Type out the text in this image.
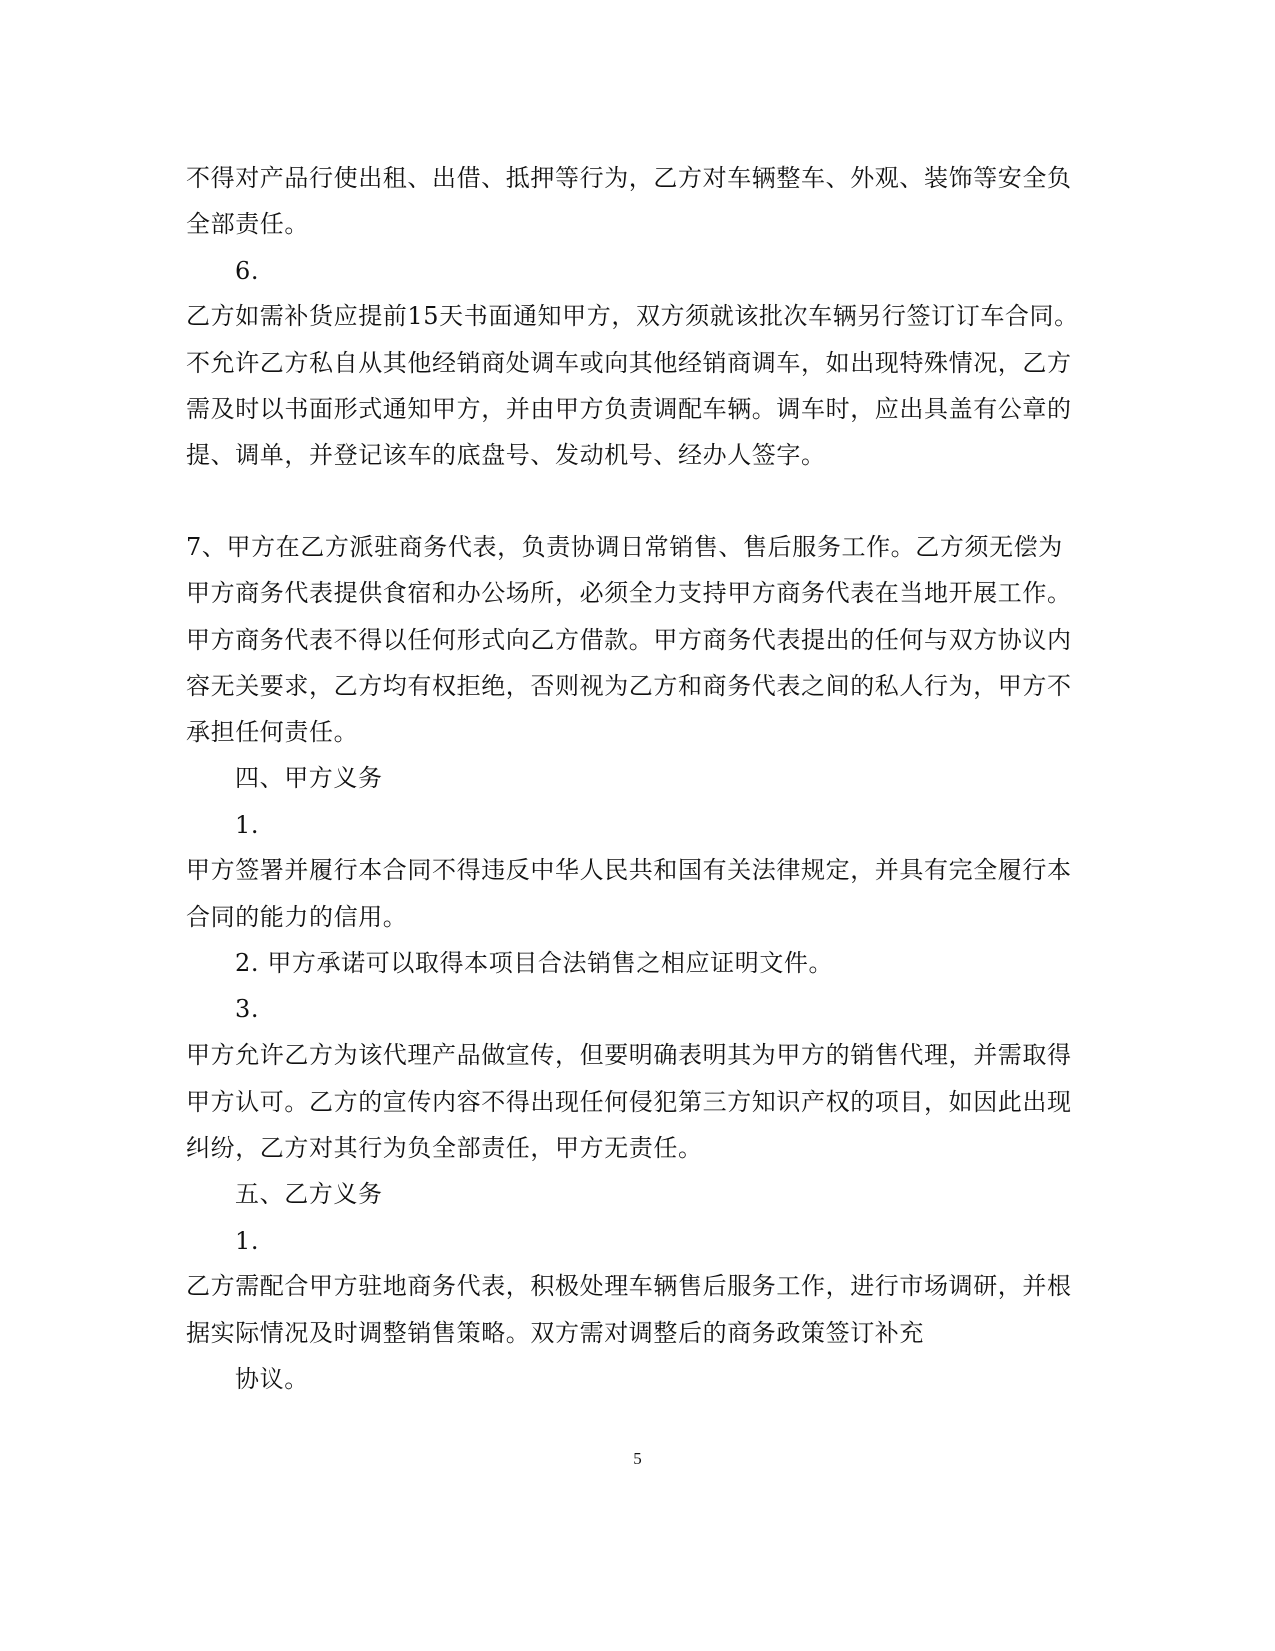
不得对产品行使出租、出借、抵押等行为，乙方对车辆整车、外观、装饰等安全负
全部责任。
6.
乙方如需补货应提前15天书面通知甲方，双方须就该批次车辆另行签订订车合同。
不允许乙方私自从其他经销商处调车或向其他经销商调车，如出现特殊情况，乙方
需及时以书面形式通知甲方，并由甲方负责调配车辆。调车时，应出具盖有公章的
提、调单，并登记该车的底盘号、发动机号、经办人签字。
7、甲方在乙方派驻商务代表，负责协调日常销售、售后服务工作。乙方须无偿为
甲方商务代表提供食宿和办公场所，必须全力支持甲方商务代表在当地开展工作。
甲方商务代表不得以任何形式向乙方借款。甲方商务代表提出的任何与双方协议内
容无关要求，乙方均有权拒绝，否则视为乙方和商务代表之间的私人行为，甲方不
承担任何责任。
四、甲方义务
1.
甲方签署并履行本合同不得违反中华人民共和国有关法律规定，并具有完全履行本
合同的能力的信用。
2. 甲方承诺可以取得本项目合法销售之相应证明文件。
3.
甲方允许乙方为该代理产品做宣传，但要明确表明其为甲方的销售代理，并需取得
甲方认可。乙方的宣传内容不得出现任何侵犯第三方知识产权的项目，如因此出现
纠纷，乙方对其行为负全部责任，甲方无责任。
五、乙方义务
1.
乙方需配合甲方驻地商务代表，积极处理车辆售后服务工作，进行市场调研，并根
据实际情况及时调整销售策略。双方需对调整后的商务政策签订补充
协议。
5
